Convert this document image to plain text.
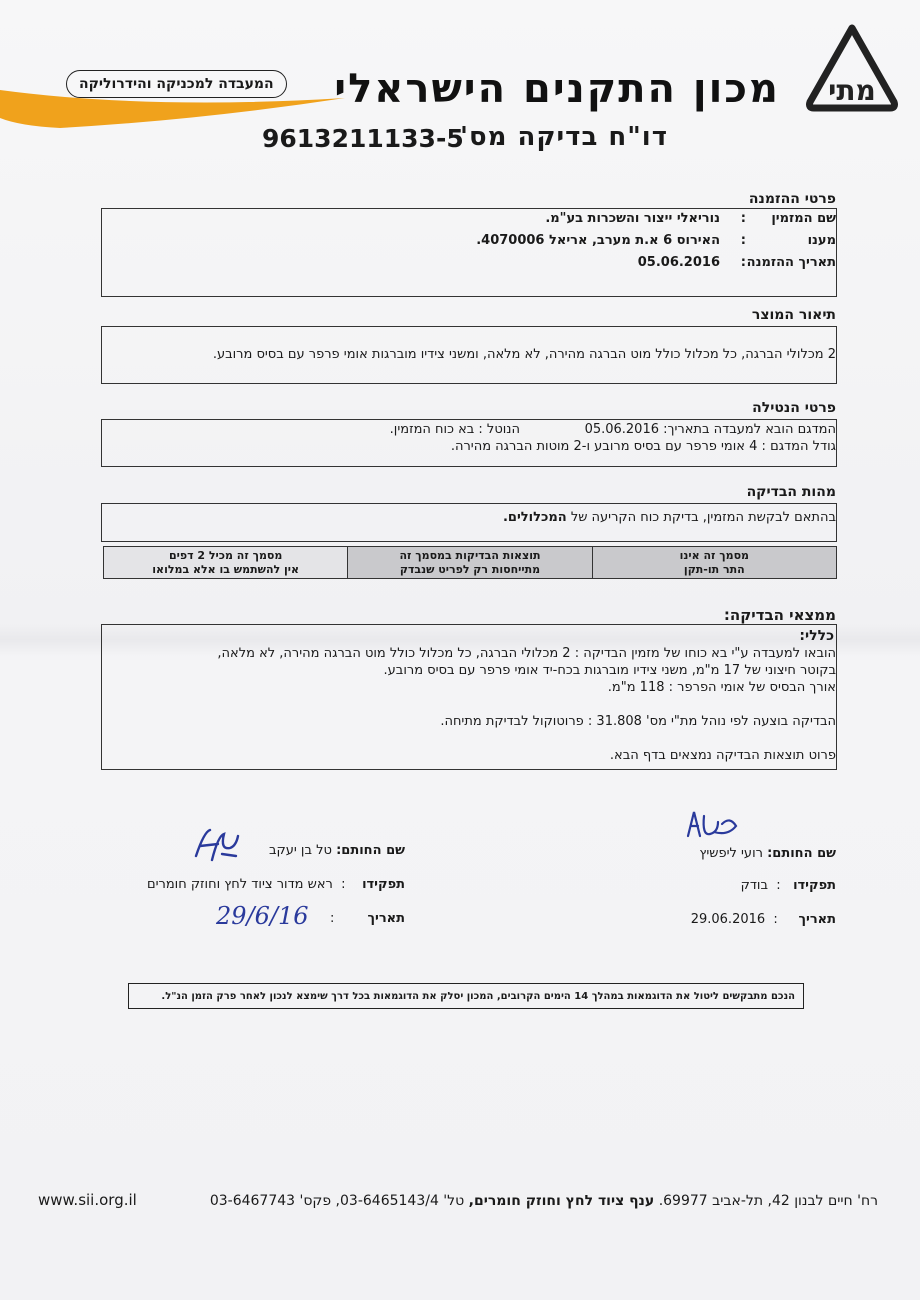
מתי
מכון התקנים הישראלי
המעבדה למכניקה והידרוליקה
דו"ח בדיקה מס'
9613211133-5
פרטי ההזמנה
שם המזמין
:
נוריאלי ייצור והשכרות בע"מ.
מענו
:
האירוס 6 א.ת מערב, אריאל 4070006.
תאריך ההזמנה
:
05.06.2016
תיאור המוצר
2 מכלולי הברגה, כל מכלול כולל מוט הברגה מהירה, לא מלאה, ומשני צידיו מוברגות אומי פרפר עם בסיס מרובע.
פרטי הנטילה
המדגם הובא למעבדה בתאריך: 05.06.2016
הנוטל : בא כוח המזמין.
גודל המדגם : 4 אומי פרפר עם בסיס מרובע ו-2 מוטות הברגה מהירה.
מהות הבדיקה
בהתאם לבקשת המזמין, בדיקת כוח הקריעה של המכלולים.
מסמך זה מכיל 2 דפים
אין להשתמש בו אלא במלואו
תוצאות הבדיקות במסמך זה
מתייחסות רק לפריט שנבדק
מסמך זה אינו
התר תו-תקן
ממצאי הבדיקה:
כללי:
הובאו למעבדה ע"י בא כוחו של מזמין הבדיקה : 2 מכלולי הברגה, כל מכלול כולל מוט הברגה מהירה, לא מלאה,
בקוטר חיצוני של 17 מ"מ, משני צידיו מוברגות בכח-יד אומי פרפר עם בסיס מרובע.
אורך הבסיס של אומי הפרפר : 118 מ"מ.
הבדיקה בוצעה לפי נוהל מת"י מס' 31.808 : פרוטוקול לבדיקת מתיחה.
פרוט תוצאות הבדיקה נמצאים בדף הבא.
שם החותם: רועי ליפשיץ
תפקידו   :  בודק
תאריך     :  29.06.2016
שם החותם: טל בן יעקב
תפקידו    :  ראש מדור ציוד לחץ וחוזק חומרים
תאריך        :
29/6/16
הנכם מתבקשים ליטול את הדוגמאות במהלך 14 הימים הקרובים, המכון יסלק את הדוגמאות בכל דרך שימצא לנכון לאחר פרק הזמן הנ"ל.
רח' חיים לבנון 42, תל-אביב 69977. ענף ציוד לחץ וחוזק חומרים, טל' 03-6465143/4, פקס' 03-6467743
www.sii.org.il
